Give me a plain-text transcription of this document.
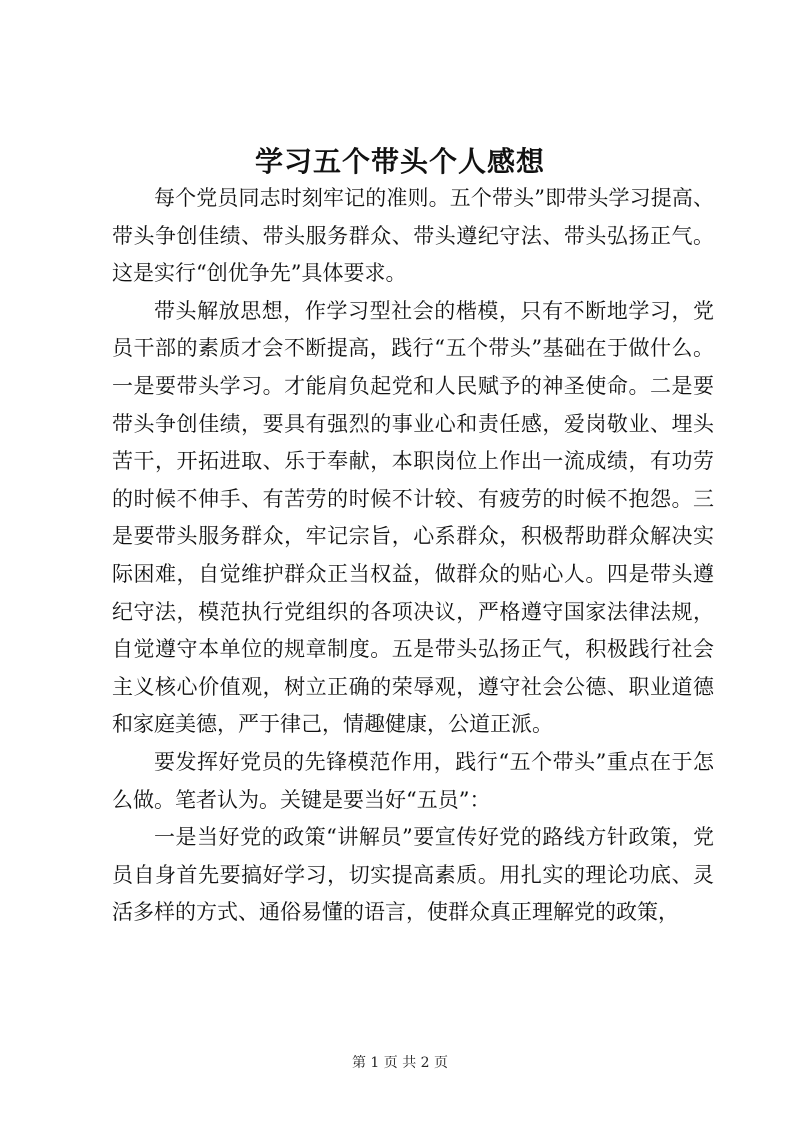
学习五个带头个人感想

每个党员同志时刻牢记的准则。五个带头”即带头学习提高、带头争创佳绩、带头服务群众、带头遵纪守法、带头弘扬正气。这是实行“创优争先”具体要求。

带头解放思想，作学习型社会的楷模，只有不断地学习，党员干部的素质才会不断提高，践行“五个带头”基础在于做什么。一是要带头学习。才能肩负起党和人民赋予的神圣使命。二是要带头争创佳绩，要具有强烈的事业心和责任感，爱岗敬业、埋头苦干，开拓进取、乐于奉献，本职岗位上作出一流成绩，有功劳的时候不伸手、有苦劳的时候不计较、有疲劳的时候不抱怨。三是要带头服务群众，牢记宗旨，心系群众，积极帮助群众解决实际困难，自觉维护群众正当权益，做群众的贴心人。四是带头遵纪守法，模范执行党组织的各项决议，严格遵守国家法律法规，自觉遵守本单位的规章制度。五是带头弘扬正气，积极践行社会主义核心价值观，树立正确的荣辱观，遵守社会公德、职业道德和家庭美德，严于律己，情趣健康，公道正派。

要发挥好党员的先锋模范作用，践行“五个带头”重点在于怎么做。笔者认为。关键是要当好“五员”：

一是当好党的政策“讲解员”要宣传好党的路线方针政策，党员自身首先要搞好学习，切实提高素质。用扎实的理论功底、灵活多样的方式、通俗易懂的语言，使群众真正理解党的政策，

第 1 页 共 2 页
